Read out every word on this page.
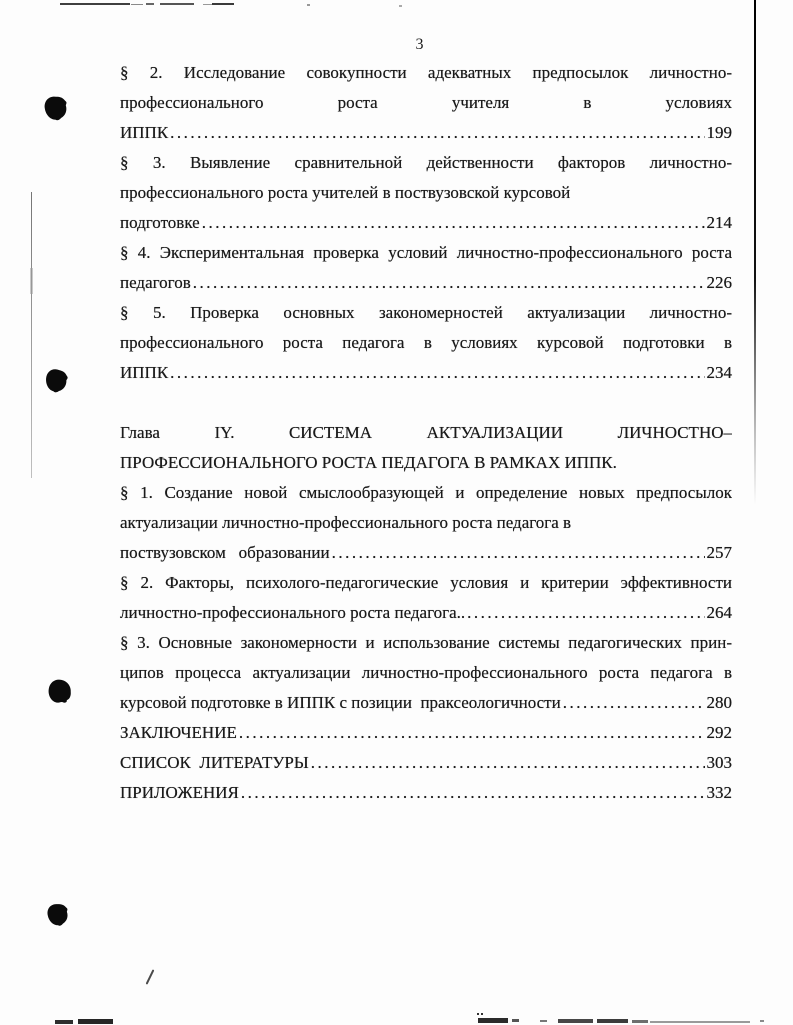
3
§ 2. Исследование совокупности адекватных предпосылок личностно-
профессионального роста учителя в условиях
ИППК .....	199
§ 3. Выявление сравнительной действенности факторов личностно-
профессионального роста учителей в поствузовской курсовой
подготовке .....	214
§ 4. Экспериментальная проверка условий личностно-профессионального роста
педагогов .....	226
§ 5. Проверка основных закономерностей актуализации личностно-
профессионального роста педагога в условиях курсовой подготовки в
ИППК .....	234
Глава IY. СИСТЕМА АКТУАЛИЗАЦИИ ЛИЧНОСТНО–
ПРОФЕССИОНАЛЬНОГО РОСТА ПЕДАГОГА В РАМКАХ ИППК.
§ 1. Создание новой смыслообразующей и определение новых предпосылок
актуализации личностно-профессионального роста педагога в
поствузовском   образовании .....	257
§ 2. Факторы, психолого-педагогические условия и критерии эффективности
личностно-профессионального роста педагога.. .....	264
§ 3. Основные закономерности и использование системы педагогических прин-
ципов процесса актуализации личностно-профессионального роста педагога в
курсовой подготовке в ИППК с позиции  праксеологичности .....	280
ЗАКЛЮЧЕНИЕ .....	292
СПИСОК  ЛИТЕРАТУРЫ .....	303
ПРИЛОЖЕНИЯ .....	332
